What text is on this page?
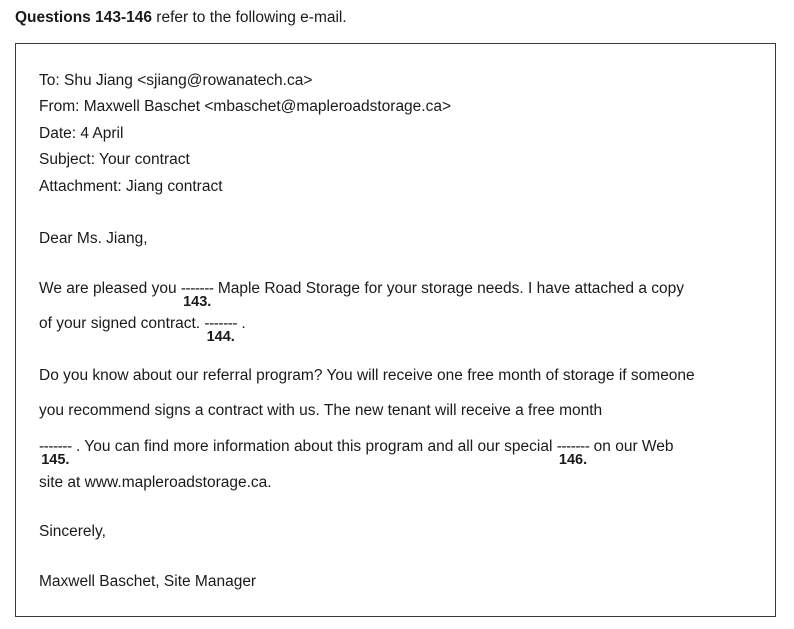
Questions 143-146 refer to the following e-mail.
To: Shu Jiang <sjiang@rowanatech.ca>
From: Maxwell Baschet <mbaschet@mapleroadstorage.ca>
Date: 4 April
Subject: Your contract
Attachment: Jiang contract
Dear Ms. Jiang,
We are pleased you -------
143.
Maple Road Storage for your storage needs. I have attached a copy
of your signed contract. -------
144.
.
Do you know about our referral program? You will receive one free month of storage if someone
you recommend signs a contract with us. The new tenant will receive a free month
-------
145.
. You can find more information about this program and all our special -------
146.
on our Web
site at www.mapleroadstorage.ca.
Sincerely,
Maxwell Baschet, Site Manager
